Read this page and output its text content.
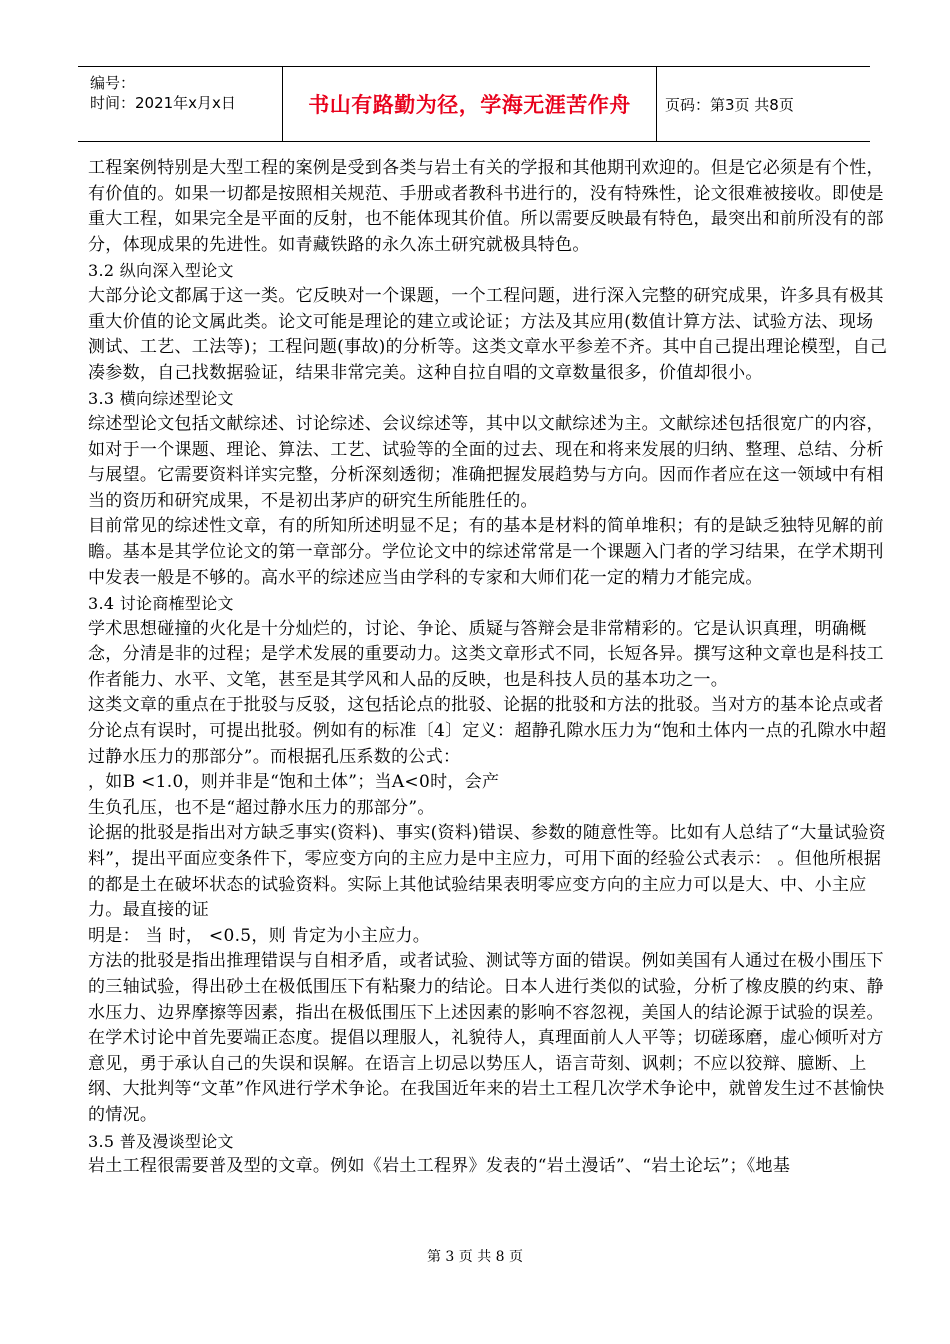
编号：
时间：2021年x月x日	书山有路勤为径，学海无涯苦作舟 页码：第3页 共8页

工程案例特别是大型工程的案例是受到各类与岩土有关的学报和其他期刊欢迎的。但是它必须是有个性，有价值的。如果一切都是按照相关规范、手册或者教科书进行的，没有特殊性，论文很难被接收。即使是重大工程，如果完全是平面的反射，也不能体现其价值。所以需要反映最有特色，最突出和前所没有的部分，体现成果的先进性。如青藏铁路的永久冻土研究就极具特色。

3.2 纵向深入型论文

大部分论文都属于这一类。它反映对一个课题，一个工程问题，进行深入完整的研究成果，许多具有极其重大价值的论文属此类。论文可能是理论的建立或论证；方法及其应用(数值计算方法、试验方法、现场测试、工艺、工法等)；工程问题(事故)的分析等。这类文章水平参差不齐。其中自己提出理论模型，自己凑参数，自己找数据验证，结果非常完美。这种自拉自唱的文章数量很多，价值却很小。

3.3 横向综述型论文

综述型论文包括文献综述、讨论综述、会议综述等，其中以文献综述为主。文献综述包括很宽广的内容，如对于一个课题、理论、算法、工艺、试验等的全面的过去、现在和将来发展的归纳、整理、总结、分析与展望。它需要资料详实完整，分析深刻透彻；准确把握发展趋势与方向。因而作者应在这一领域中有相当的资历和研究成果，不是初出茅庐的研究生所能胜任的。

目前常见的综述性文章，有的所知所述明显不足；有的基本是材料的简单堆积；有的是缺乏独特见解的前瞻。基本是其学位论文的第一章部分。学位论文中的综述常常是一个课题入门者的学习结果，在学术期刊中发表一般是不够的。高水平的综述应当由学科的专家和大师们花一定的精力才能完成。

3.4 讨论商榷型论文

学术思想碰撞的火化是十分灿烂的，讨论、争论、质疑与答辩会是非常精彩的。它是认识真理，明确概念，分清是非的过程；是学术发展的重要动力。这类文章形式不同，长短各异。撰写这种文章也是科技工作者能力、水平、文笔，甚至是其学风和人品的反映，也是科技人员的基本功之一。

这类文章的重点在于批驳与反驳，这包括论点的批驳、论据的批驳和方法的批驳。当对方的基本论点或者分论点有误时，可提出批驳。例如有的标准〔4〕定义：超静孔隙水压力为“饱和土体内一点的孔隙水中超过静水压力的那部分”。而根据孔压系数的公式：

，如B <1.0，则并非是“饱和土体”；当A<0时，会产

生负孔压，也不是“超过静水压力的那部分”。

论据的批驳是指出对方缺乏事实(资料)、事实(资料)错误、参数的随意性等。比如有人总结了“大量试验资料”，提出平面应变条件下，零应变方向的主应力是中主应力，可用下面的经验公式表示： 。但他所根据的都是土在破坏状态的试验资料。实际上其他试验结果表明零应变方向的主应力可以是大、中、小主应力。最直接的证

明是： 当 时， <0.5，则 肯定为小主应力。

方法的批驳是指出推理错误与自相矛盾，或者试验、测试等方面的错误。例如美国有人通过在极小围压下的三轴试验，得出砂土在极低围压下有粘聚力的结论。日本人进行类似的试验，分析了橡皮膜的约束、静水压力、边界摩擦等因素，指出在极低围压下上述因素的影响不容忽视，美国人的结论源于试验的误差。

在学术讨论中首先要端正态度。提倡以理服人，礼貌待人，真理面前人人平等；切磋琢磨，虚心倾听对方意见，勇于承认自己的失误和误解。在语言上切忌以势压人，语言苛刻、讽刺；不应以狡辩、臆断、上纲、大批判等“文革”作风进行学术争论。在我国近年来的岩土工程几次学术争论中，就曾发生过不甚愉快的情况。

3.5 普及漫谈型论文

岩土工程很需要普及型的文章。例如《岩土工程界》发表的“岩土漫话”、“岩土论坛”；《地基

第 3 页 共 8 页
